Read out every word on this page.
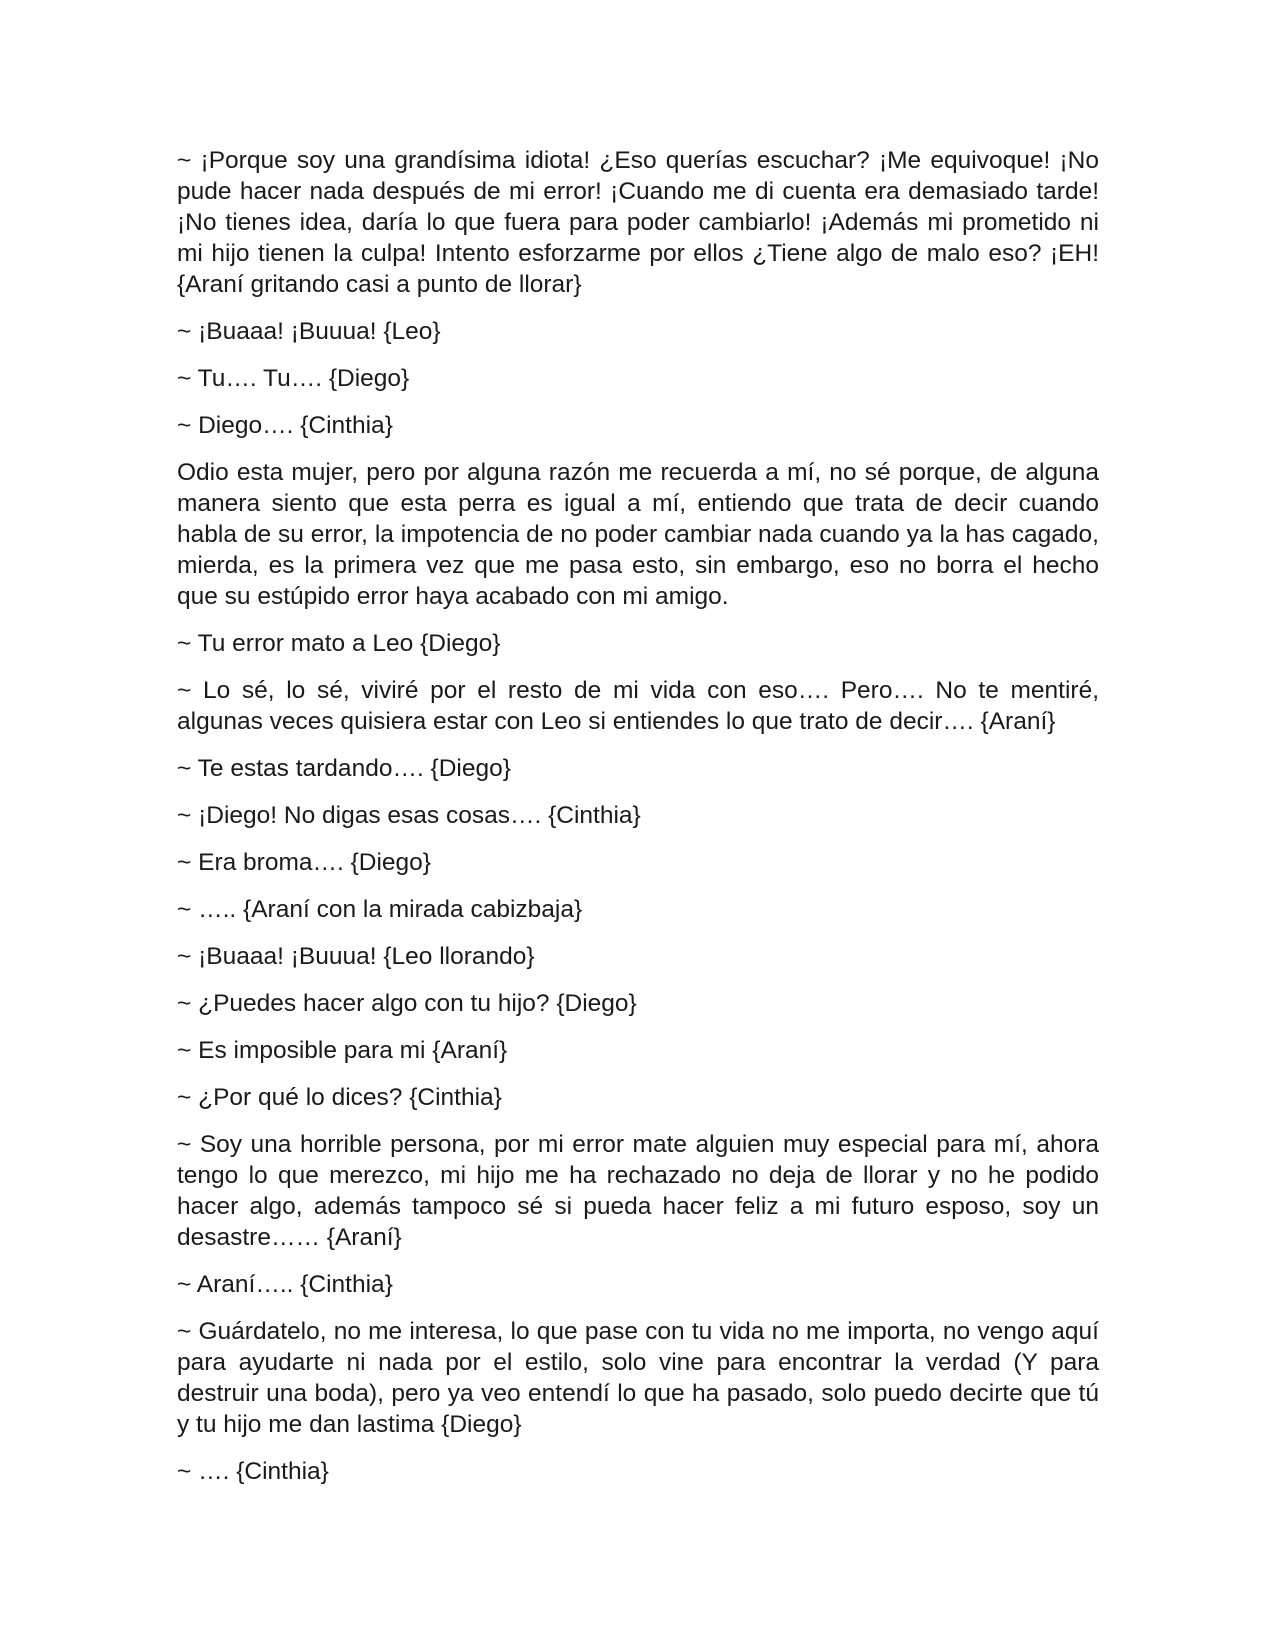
~ ¡Porque soy una grandísima idiota! ¿Eso querías escuchar? ¡Me equivoque! ¡No pude hacer nada después de mi error! ¡Cuando me di cuenta era demasiado tarde! ¡No tienes idea, daría lo que fuera para poder cambiarlo! ¡Además mi prometido ni mi hijo tienen la culpa! Intento esforzarme por ellos ¿Tiene algo de malo eso? ¡EH! {Araní gritando casi a punto de llorar}

~ ¡Buaaa! ¡Buuua! {Leo}

~ Tu…. Tu…. {Diego}

~ Diego…. {Cinthia}

Odio esta mujer, pero por alguna razón me recuerda a mí, no sé porque, de alguna manera siento que esta perra es igual a mí, entiendo que trata de decir cuando habla de su error, la impotencia de no poder cambiar nada cuando ya la has cagado, mierda, es la primera vez que me pasa esto, sin embargo, eso no borra el hecho que su estúpido error haya acabado con mi amigo.

~ Tu error mato a Leo {Diego}

~ Lo sé, lo sé, viviré por el resto de mi vida con eso…. Pero…. No te mentiré, algunas veces quisiera estar con Leo si entiendes lo que trato de decir…. {Araní}

~ Te estas tardando…. {Diego}

~ ¡Diego! No digas esas cosas…. {Cinthia}

~ Era broma…. {Diego}

~ ….. {Araní con la mirada cabizbaja}

~ ¡Buaaa! ¡Buuua! {Leo llorando}

~ ¿Puedes hacer algo con tu hijo? {Diego}

~ Es imposible para mi {Araní}

~ ¿Por qué lo dices? {Cinthia}

~ Soy una horrible persona, por mi error mate alguien muy especial para mí, ahora tengo lo que merezco, mi hijo me ha rechazado no deja de llorar y no he podido hacer algo, además tampoco sé si pueda hacer feliz a mi futuro esposo, soy un desastre…… {Araní}

~ Araní….. {Cinthia}

~ Guárdatelo, no me interesa, lo que pase con tu vida no me importa, no vengo aquí para ayudarte ni nada por el estilo, solo vine para encontrar la verdad (Y para destruir una boda), pero ya veo entendí lo que ha pasado, solo puedo decirte que tú y tu hijo me dan lastima {Diego}

~ …. {Cinthia}
